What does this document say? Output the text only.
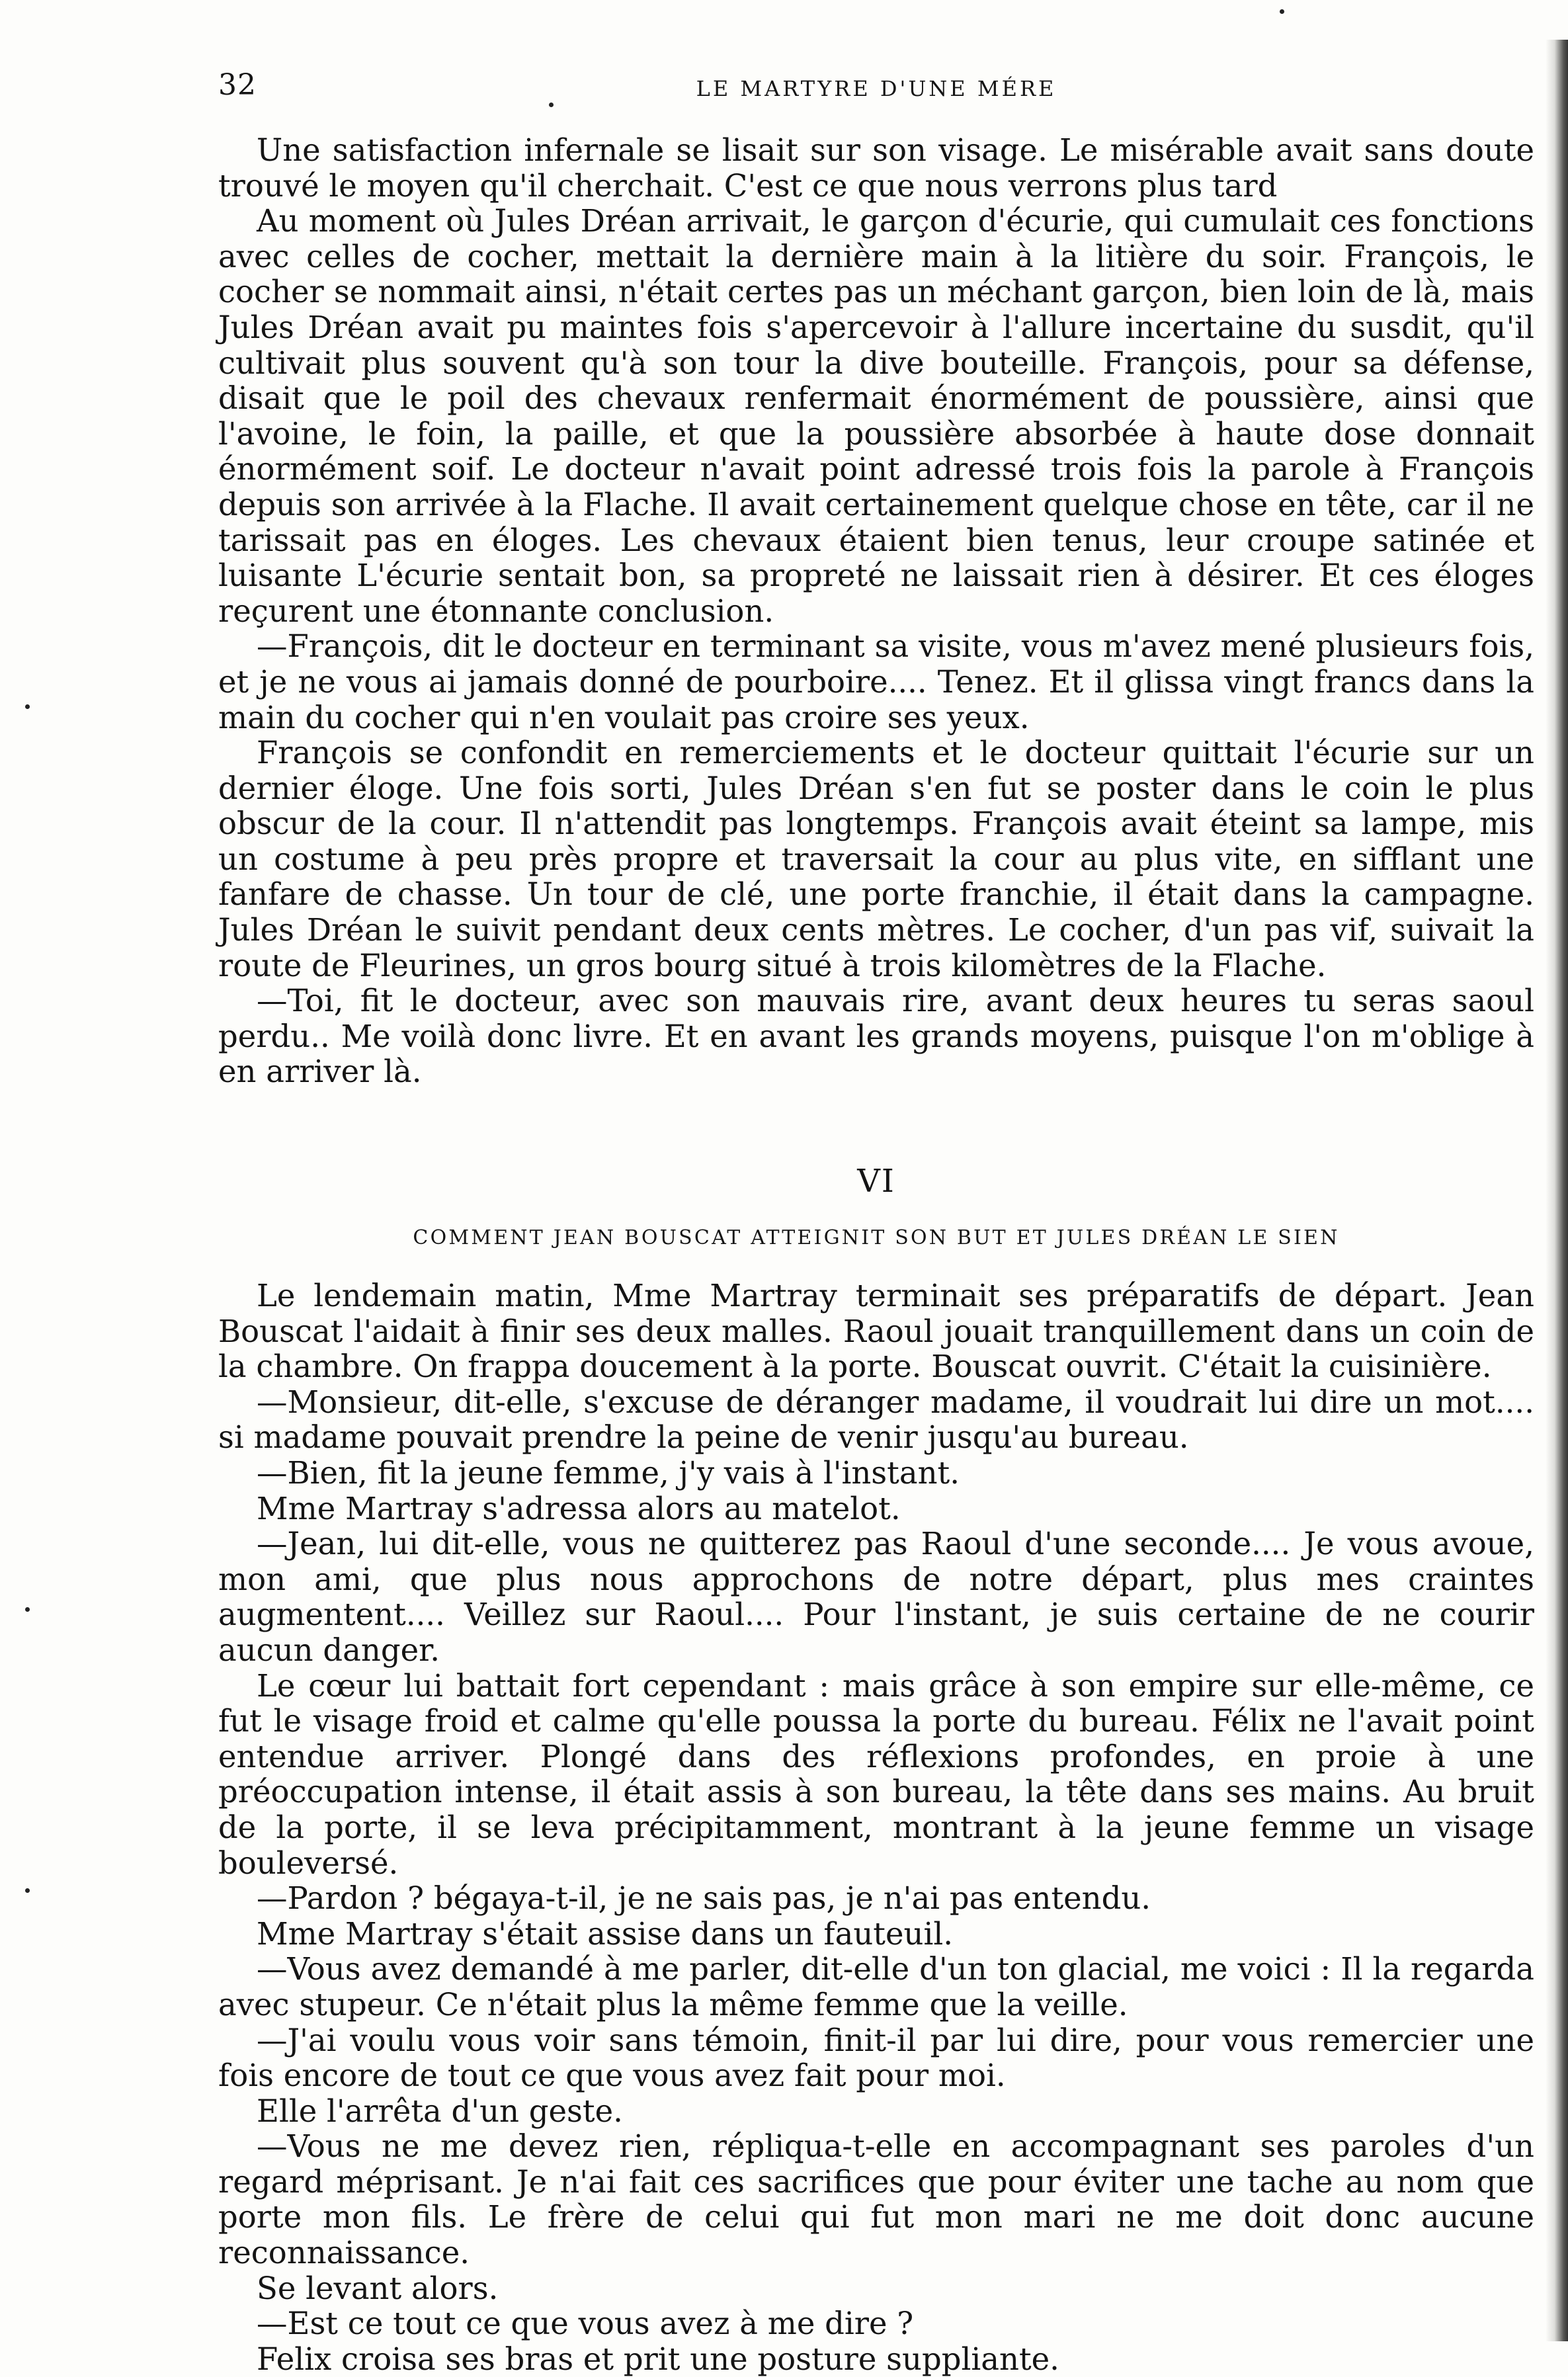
32	LE MARTYRE D'UNE MÉRE

Une satisfaction infernale se lisait sur son visage. Le misérable avait sans doute trouvé le moyen qu'il cherchait. C'est ce que nous verrons plus tard

Au moment où Jules Dréan arrivait, le garçon d'écurie, qui cumulait ces fonctions avec celles de cocher, mettait la dernière main à la litière du soir. François, le cocher se nommait ainsi, n'était certes pas un méchant garçon, bien loin de là, mais Jules Dréan avait pu maintes fois s'apercevoir à l'allure incertaine du susdit, qu'il cultivait plus souvent qu'à son tour la dive bouteille. François, pour sa défense, disait que le poil des chevaux renfermait énormément de poussière, ainsi que l'avoine, le foin, la paille, et que la poussière absorbée à haute dose donnait énormément soif. Le docteur n'avait point adressé trois fois la parole à François depuis son arrivée à la Flache. Il avait certainement quelque chose en tête, car il ne tarissait pas en éloges. Les chevaux étaient bien tenus, leur croupe satinée et luisante L'écurie sentait bon, sa propreté ne laissait rien à désirer. Et ces éloges reçurent une étonnante conclusion.

—François, dit le docteur en terminant sa visite, vous m'avez mené plusieurs fois, et je ne vous ai jamais donné de pourboire.... Tenez. Et il glissa vingt francs dans la main du cocher qui n'en voulait pas croire ses yeux.

François se confondit en remerciements et le docteur quittait l'écurie sur un dernier éloge. Une fois sorti, Jules Dréan s'en fut se poster dans le coin le plus obscur de la cour. Il n'attendit pas longtemps. François avait éteint sa lampe, mis un costume à peu près propre et traversait la cour au plus vite, en sifflant une fanfare de chasse. Un tour de clé, une porte franchie, il était dans la campagne. Jules Dréan le suivit pendant deux cents mètres. Le cocher, d'un pas vif, suivait la route de Fleurines, un gros bourg situé à trois kilomètres de la Flache.

—Toi, fit le docteur, avec son mauvais rire, avant deux heures tu seras saoul perdu.. Me voilà donc livre. Et en avant les grands moyens, puisque l'on m'oblige à en arriver là.

VI
COMMENT JEAN BOUSCAT ATTEIGNIT SON BUT ET JULES DRÉAN LE SIEN

Le lendemain matin, Mme Martray terminait ses préparatifs de départ. Jean Bouscat l'aidait à finir ses deux malles. Raoul jouait tranquillement dans un coin de la chambre. On frappa doucement à la porte. Bouscat ouvrit. C'était la cuisinière.

—Monsieur, dit-elle, s'excuse de déranger madame, il voudrait lui dire un mot.... si madame pouvait prendre la peine de venir jusqu'au bureau.

—Bien, fit la jeune femme, j'y vais à l'instant.

Mme Martray s'adressa alors au matelot.

—Jean, lui dit-elle, vous ne quitterez pas Raoul d'une seconde.... Je vous avoue, mon ami, que plus nous approchons de notre départ, plus mes craintes augmentent.... Veillez sur Raoul.... Pour l'instant, je suis certaine de ne courir aucun danger.

Le cœur lui battait fort cependant : mais grâce à son empire sur elle-même, ce fut le visage froid et calme qu'elle poussa la porte du bureau. Félix ne l'avait point entendue arriver. Plongé dans des réflexions profondes, en proie à une préoccupation intense, il était assis à son bureau, la tête dans ses mains. Au bruit de la porte, il se leva précipitamment, montrant à la jeune femme un visage bouleversé.

—Pardon ? bégaya-t-il, je ne sais pas, je n'ai pas entendu.

Mme Martray s'était assise dans un fauteuil.

—Vous avez demandé à me parler, dit-elle d'un ton glacial, me voici : Il la regarda avec stupeur. Ce n'était plus la même femme que la veille.

—J'ai voulu vous voir sans témoin, finit-il par lui dire, pour vous remercier une fois encore de tout ce que vous avez fait pour moi.

Elle l'arrêta d'un geste.

—Vous ne me devez rien, répliqua-t-elle en accompagnant ses paroles d'un regard méprisant. Je n'ai fait ces sacrifices que pour éviter une tache au nom que porte mon fils. Le frère de celui qui fut mon mari ne me doit donc aucune reconnaissance.

Se levant alors.

—Est ce tout ce que vous avez à me dire ?

Felix croisa ses bras et prit une posture suppliante.
